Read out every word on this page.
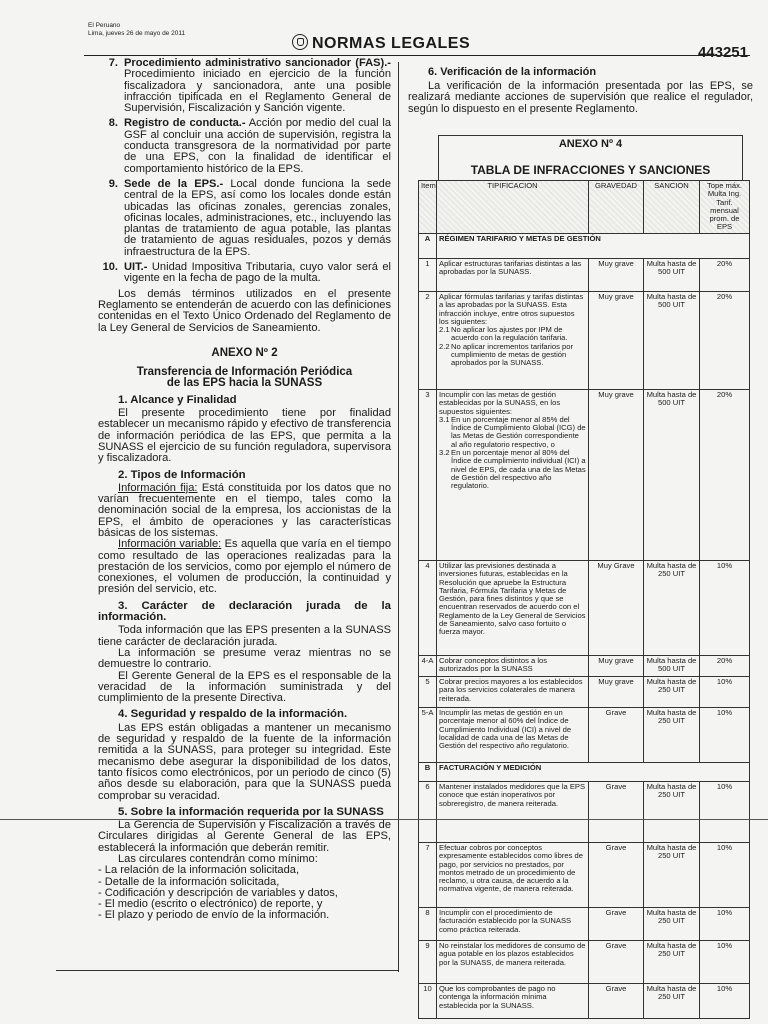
El Peruano
Lima, jueves 26 de mayo de 2011
NORMAS LEGALES
443251
7. Procedimiento administrativo sancionador (FAS).- Procedimiento iniciado en ejercicio de la función fiscalizadora y sancionadora, ante una posible infracción tipificada en el Reglamento General de Supervisión, Fiscalización y Sanción vigente.
8. Registro de conducta.- Acción por medio del cual la GSF al concluir una acción de supervisión, registra la conducta transgresora de la normatividad por parte de una EPS, con la finalidad de identificar el comportamiento histórico de la EPS.
9. Sede de la EPS.- Local donde funciona la sede central de la EPS, así como los locales donde están ubicadas las oficinas zonales, gerencias zonales, oficinas locales, administraciones, etc., incluyendo las plantas de tratamiento de agua potable, las plantas de tratamiento de aguas residuales, pozos y demás infraestructura de la EPS.
10. UIT.- Unidad Impositiva Tributaria, cuyo valor será el vigente en la fecha de pago de la multa.

Los demás términos utilizados en el presente Reglamento se entenderán de acuerdo con las definiciones contenidas en el Texto Único Ordenado del Reglamento de la Ley General de Servicios de Saneamiento.

ANEXO Nº 2
Transferencia de Información Periódica
de las EPS hacia la SUNASS
1. Alcance y Finalidad

El presente procedimiento tiene por finalidad establecer un mecanismo rápido y efectivo de transferencia de información periódica de las EPS, que permita a la SUNASS el ejercicio de su función reguladora, supervisora y fiscalizadora.

2. Tipos de Información

Información fija: Está constituida por los datos que no varían frecuentemente en el tiempo, tales como la denominación social de la empresa, los accionistas de la EPS, el ámbito de operaciones y las características básicas de los sistemas.

Información variable: Es aquella que varía en el tiempo como resultado de las operaciones realizadas para la prestación de los servicios, como por ejemplo el número de conexiones, el volumen de producción, la continuidad y presión del servicio, etc.

3. Carácter de declaración jurada de la información.

Toda información que las EPS presenten a la SUNASS tiene carácter de declaración jurada.

La información se presume veraz mientras no se demuestre lo contrario.

El Gerente General de la EPS es el responsable de la veracidad de la información suministrada y del cumplimiento de la presente Directiva.

4. Seguridad y respaldo de la información.

Las EPS están obligadas a mantener un mecanismo de seguridad y respaldo de la fuente de la información remitida a la SUNASS, para proteger su integridad. Este mecanismo debe asegurar la disponibilidad de los datos, tanto físicos como electrónicos, por un periodo de cinco (5) años desde su elaboración, para que la SUNASS pueda comprobar su veracidad.

5. Sobre la información requerida por la SUNASS

La Gerencia de Supervisión y Fiscalización a través de Circulares dirigidas al Gerente General de las EPS, establecerá la información que deberán remitir.

Las circulares contendrán como mínimo:

- La relación de la información solicitada,

- Detalle de la información solicitada,

- Codificación y descripción de variables y datos,

- El medio (escrito o electrónico) de reporte, y

- El plazo y periodo de envío de la información.

6. Verificación de la información

La verificación de la información presentada por las EPS, se realizará mediante acciones de supervisión que realice el regulador, según lo dispuesto en el presente Reglamento.

ANEXO Nº 4
TABLA DE INFRACCIONES Y SANCIONES
Item	TIPIFICACION	GRAVEDAD	SANCION	Tope máx. Multa Ing. Tarif. mensual prom. de EPS
A	RÉGIMEN TARIFARIO Y METAS DE GESTIÓN			
1	Aplicar estructuras tarifarias distintas a las aprobadas por la SUNASS.	Muy grave	Multa hasta de 500 UIT	20%
2	Aplicar fórmulas tarifarias y tarifas distintas a las aprobadas por la SUNASS. Esta infracción incluye, entre otros supuestos los siguientes:
2.1 No aplicar los ajustes por IPM de acuerdo con la regulación tarifaria.
2.2 No aplicar incrementos tarifarios por cumplimiento de metas de gestión aprobados por la SUNASS.	Muy grave	Multa hasta de 500 UIT	20%
3	Incumplir con las metas de gestión establecidas por la SUNASS, en los supuestos siguientes:
3.1 En un porcentaje menor al 85% del Índice de Cumplimiento Global (ICG) de las Metas de Gestión correspondiente al año regulatorio respectivo, o
3.2 En un porcentaje menor al 80% del Índice de cumplimiento individual (ICI) a nivel de EPS, de cada una de las Metas de Gestión del respectivo año regulatorio.	Muy grave	Multa hasta de 500 UIT	20%
4	Utilizar las previsiones destinada a inversiones futuras, establecidas en la Resolución que apruebe la Estructura Tarifaria, Fórmula Tarifaria y Metas de Gestión, para fines distintos y que se encuentran reservados de acuerdo con el Reglamento de la Ley General de Servicios de Saneamiento, salvo caso fortuito o fuerza mayor.	Muy Grave	Multa hasta de 250 UIT	10%
4-A	Cobrar conceptos distintos a los autorizados por la SUNASS	Muy grave	Multa hasta de 500 UIT	20%
5	Cobrar precios mayores a los establecidos para los servicios colaterales de manera reiterada.	Muy grave	Multa hasta de 250 UIT	10%
5-A	Incumplir las metas de gestión en un porcentaje menor al 60% del Índice de Cumplimiento Individual (ICI) a nivel de localidad de cada una de las Metas de Gestión del respectivo año regulatorio.	Grave	Multa hasta de 250 UIT	10%
B	FACTURACIÓN Y MEDICIÓN			
6	Mantener instalados medidores que la EPS conoce que están inoperativos por sobreregistro, de manera reiterada.	Grave	Multa hasta de 250 UIT	10%
7	Efectuar cobros por conceptos expresamente establecidos como libres de pago, por servicios no prestados, por montos metrado de un procedimiento de reclamo, u otra causa, de acuerdo a la normativa vigente, de manera reiterada.	Grave	Multa hasta de 250 UIT	10%
8	Incumplir con el procedimiento de facturación establecido por la SUNASS como práctica reiterada.	Grave	Multa hasta de 250 UIT	10%
9	No reinstalar los medidores de consumo de agua potable en los plazos establecidos por la SUNASS, de manera reiterada.	Grave	Multa hasta de 250 UIT	10%
10	Que los comprobantes de pago no contenga la información mínima establecida por la SUNASS.	Grave	Multa hasta de 250 UIT	10%
